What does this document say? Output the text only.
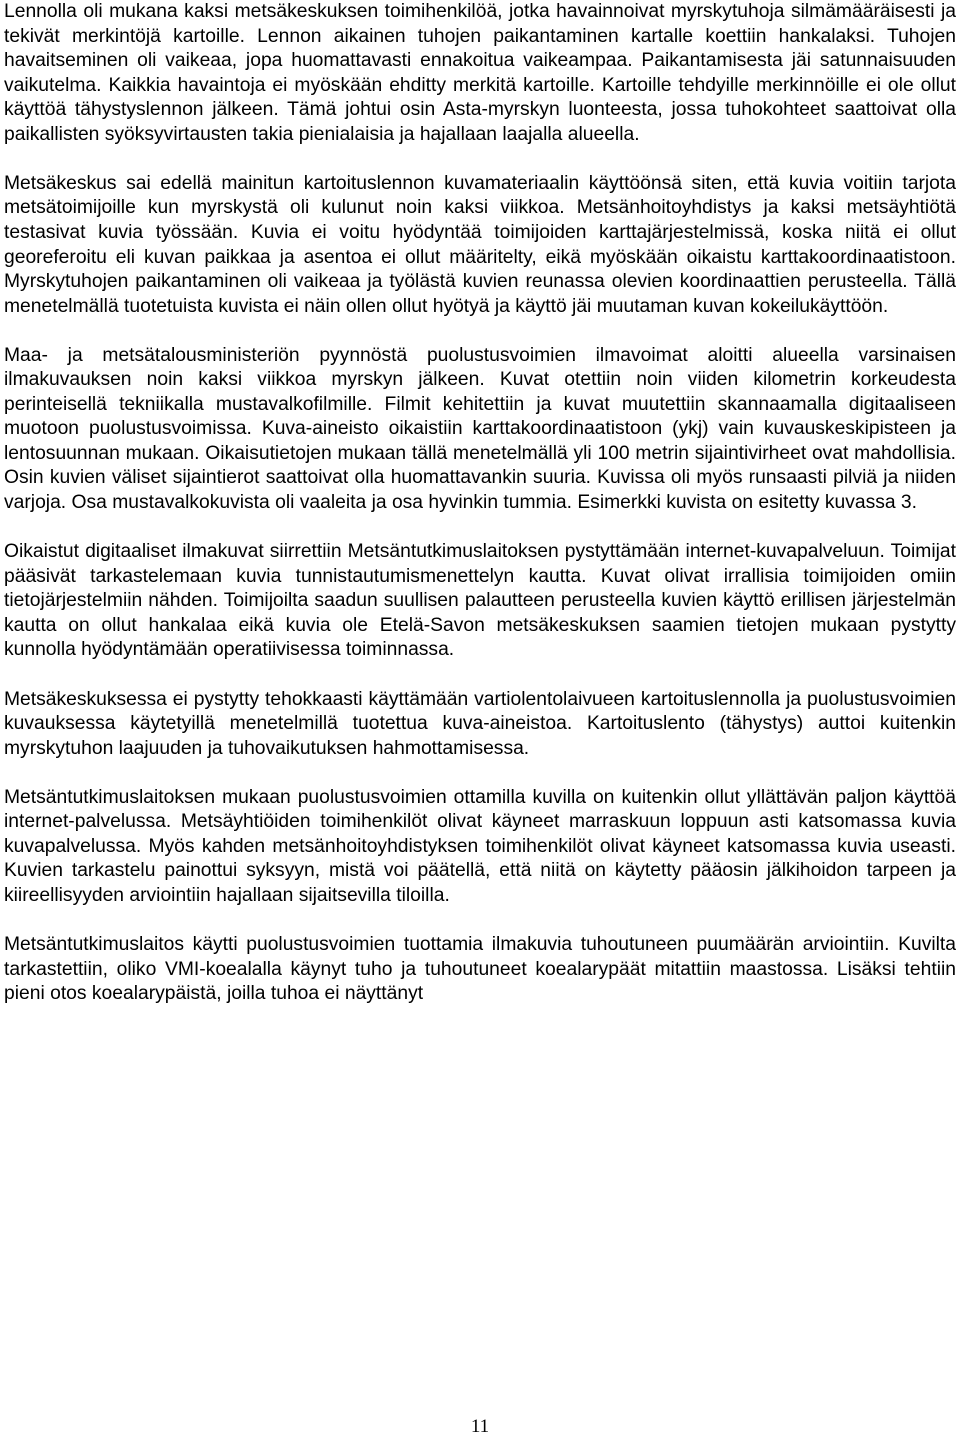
Lennolla oli mukana kaksi metsäkeskuksen toimihenkilöä, jotka havainnoivat myrskytuhoja silmämääräisesti ja tekivät merkintöjä kartoille. Lennon aikainen tuhojen paikantaminen kartalle koettiin hankalaksi. Tuhojen havaitseminen oli vaikeaa, jopa huomattavasti ennakoitua vaikeampaa. Paikantamisesta jäi satunnaisuuden vaikutelma. Kaikkia havaintoja ei myöskään ehditty merkitä kartoille. Kartoille tehdyille merkinnöille ei ole ollut käyttöä tähystyslennon jälkeen. Tämä johtui osin Asta-myrskyn luonteesta, jossa tuhokohteet saattoivat olla paikallisten syöksyvirtausten takia pienialaisia ja hajallaan laajalla alueella.

Metsäkeskus sai edellä mainitun kartoituslennon kuvamateriaalin käyttöönsä siten, että kuvia voitiin tarjota metsätoimijoille kun myrskystä oli kulunut noin kaksi viikkoa. Metsänhoitoyhdistys ja kaksi metsäyhtiötä testasivat kuvia työssään. Kuvia ei voitu hyödyntää toimijoiden karttajärjestelmissä, koska niitä ei ollut georeferoitu eli kuvan paikkaa ja asentoa ei ollut määritelty, eikä myöskään oikaistu karttakoordinaatistoon. Myrskytuhojen paikantaminen oli vaikeaa ja työlästä kuvien reunassa olevien koordinaattien perusteella. Tällä menetelmällä tuotetuista kuvista ei näin ollen ollut hyötyä ja käyttö jäi muutaman kuvan kokeilukäyttöön.

Maa- ja metsätalousministeriön pyynnöstä puolustusvoimien ilmavoimat aloitti alueella varsinaisen ilmakuvauksen noin kaksi viikkoa myrskyn jälkeen. Kuvat otettiin noin viiden kilometrin korkeudesta perinteisellä tekniikalla mustavalkofilmille. Filmit kehitettiin ja kuvat muutettiin skannaamalla digitaaliseen muotoon puolustusvoimissa. Kuva-aineisto oikaistiin karttakoordinaatistoon (ykj) vain kuvauskeskipisteen ja lentosuunnan mukaan. Oikaisutietojen mukaan tällä menetelmällä yli 100 metrin sijaintivirheet ovat mahdollisia. Osin kuvien väliset sijaintierot saattoivat olla huomattavankin suuria. Kuvissa oli myös runsaasti pilviä ja niiden varjoja. Osa mustavalkokuvista oli vaaleita ja osa hyvinkin tummia. Esimerkki kuvista on esitetty kuvassa 3.

Oikaistut digitaaliset ilmakuvat siirrettiin Metsäntutkimuslaitoksen pystyttämään internet-kuvapalveluun. Toimijat pääsivät tarkastelemaan kuvia tunnistautumismenettelyn kautta. Kuvat olivat irrallisia toimijoiden omiin tietojärjestelmiin nähden. Toimijoilta saadun suullisen palautteen perusteella kuvien käyttö erillisen järjestelmän kautta on ollut hankalaa eikä kuvia ole Etelä-Savon metsäkeskuksen saamien tietojen mukaan pystytty kunnolla hyödyntämään operatiivisessa toiminnassa.

Metsäkeskuksessa ei pystytty tehokkaasti käyttämään vartiolentolaivueen kartoituslennolla ja puolustusvoimien kuvauksessa käytetyillä menetelmillä tuotettua kuva-aineistoa. Kartoituslento (tähystys) auttoi kuitenkin myrskytuhon laajuuden ja tuhovaikutuksen hahmottamisessa.

Metsäntutkimuslaitoksen mukaan puolustusvoimien ottamilla kuvilla on kuitenkin ollut yllättävän paljon käyttöä internet-palvelussa. Metsäyhtiöiden toimihenkilöt olivat käyneet marraskuun loppuun asti katsomassa kuvia kuvapalvelussa. Myös kahden metsänhoitoyhdistyksen toimihenkilöt olivat käyneet katsomassa kuvia useasti. Kuvien tarkastelu painottui syksyyn, mistä voi päätellä, että niitä on käytetty pääosin jälkihoidon tarpeen ja kiireellisyyden arviointiin hajallaan sijaitsevilla tiloilla.

Metsäntutkimuslaitos käytti puolustusvoimien tuottamia ilmakuvia tuhoutuneen puumäärän arviointiin. Kuvilta tarkastettiin, oliko VMI-koealalla käynyt tuho ja tuhoutuneet koealarypäät mitattiin maastossa. Lisäksi tehtiin pieni otos koealarypäistä, joilla tuhoa ei näyttänyt

11
